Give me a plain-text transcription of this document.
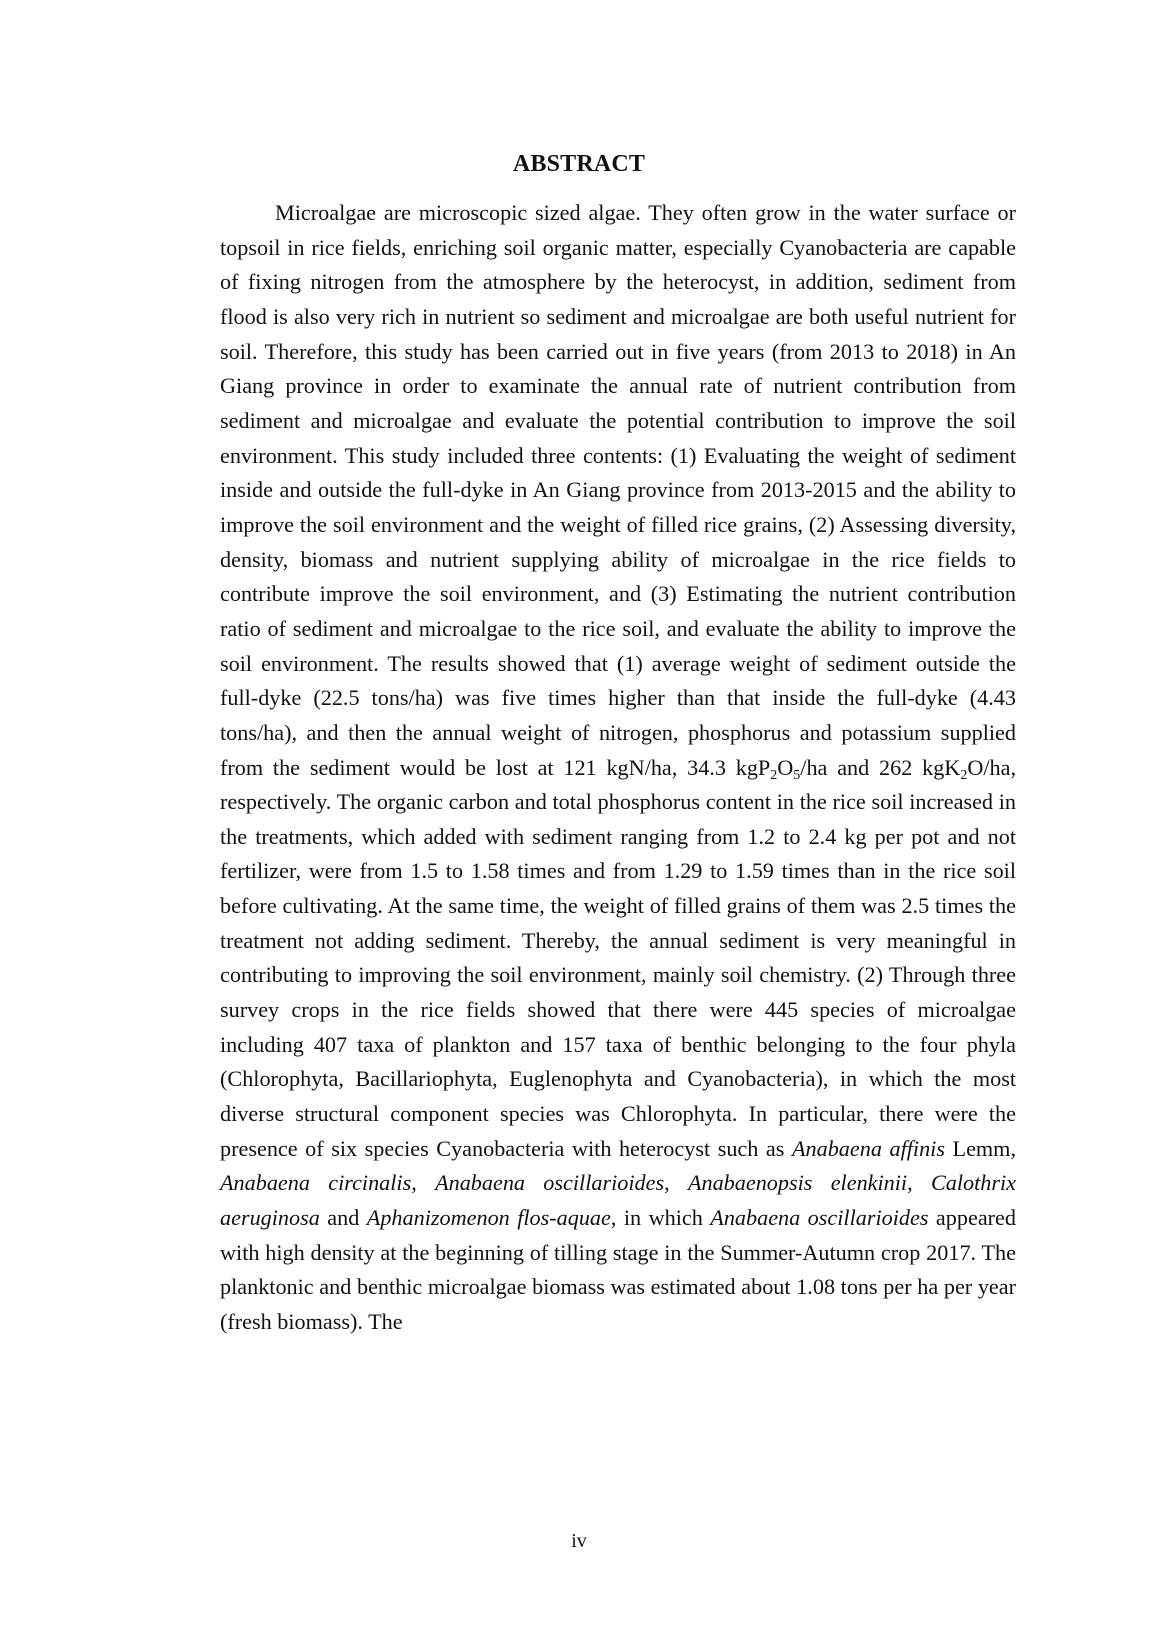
ABSTRACT

Microalgae are microscopic sized algae. They often grow in the water surface or topsoil in rice fields, enriching soil organic matter, especially Cyanobacteria are capable of fixing nitrogen from the atmosphere by the heterocyst, in addition, sediment from flood is also very rich in nutrient so sediment and microalgae are both useful nutrient for soil. Therefore, this study has been carried out in five years (from 2013 to 2018) in An Giang province in order to examinate the annual rate of nutrient contribution from sediment and microalgae and evaluate the potential contribution to improve the soil environment. This study included three contents: (1) Evaluating the weight of sediment inside and outside the full-dyke in An Giang province from 2013-2015 and the ability to improve the soil environment and the weight of filled rice grains, (2) Assessing diversity, density, biomass and nutrient supplying ability of microalgae in the rice fields to contribute improve the soil environment, and (3) Estimating the nutrient contribution ratio of sediment and microalgae to the rice soil, and evaluate the ability to improve the soil environment. The results showed that (1) average weight of sediment outside the full-dyke (22.5 tons/ha) was five times higher than that inside the full-dyke (4.43 tons/ha), and then the annual weight of nitrogen, phosphorus and potassium supplied from the sediment would be lost at 121 kgN/ha, 34.3 $kgP_2O_5/ha$ and 262 kgK$_2$O/ha, respectively. The organic carbon and total phosphorus content in the rice soil increased in the treatments, which added with sediment ranging from 1.2 to 2.4 kg per pot and not fertilizer, were from 1.5 to 1.58 times and from 1.29 to 1.59 times than in the rice soil before cultivating. At the same time, the weight of filled grains of them was 2.5 times the treatment not adding sediment. Thereby, the annual sediment is very meaningful in contributing to improving the soil environment, mainly soil chemistry. (2) Through three survey crops in the rice fields showed that there were 445 species of microalgae including 407 taxa of plankton and 157 taxa of benthic belonging to the four phyla (Chlorophyta, Bacillariophyta, Euglenophyta and Cyanobacteria), in which the most diverse structural component species was Chlorophyta. In particular, there were the presence of six species Cyanobacteria with heterocyst such as Anabaena affinis Lemm, Anabaena circinalis, Anabaena oscillarioides, Anabaenopsis elenkinii, Calothrix aeruginosa and Aphanizomenon flos-aquae, in which Anabaena oscillarioides appeared with high density at the beginning of tilling stage in the Summer-Autumn crop 2017. The planktonic and benthic microalgae biomass was estimated about 1.08 tons per ha per year (fresh biomass). The

iv
